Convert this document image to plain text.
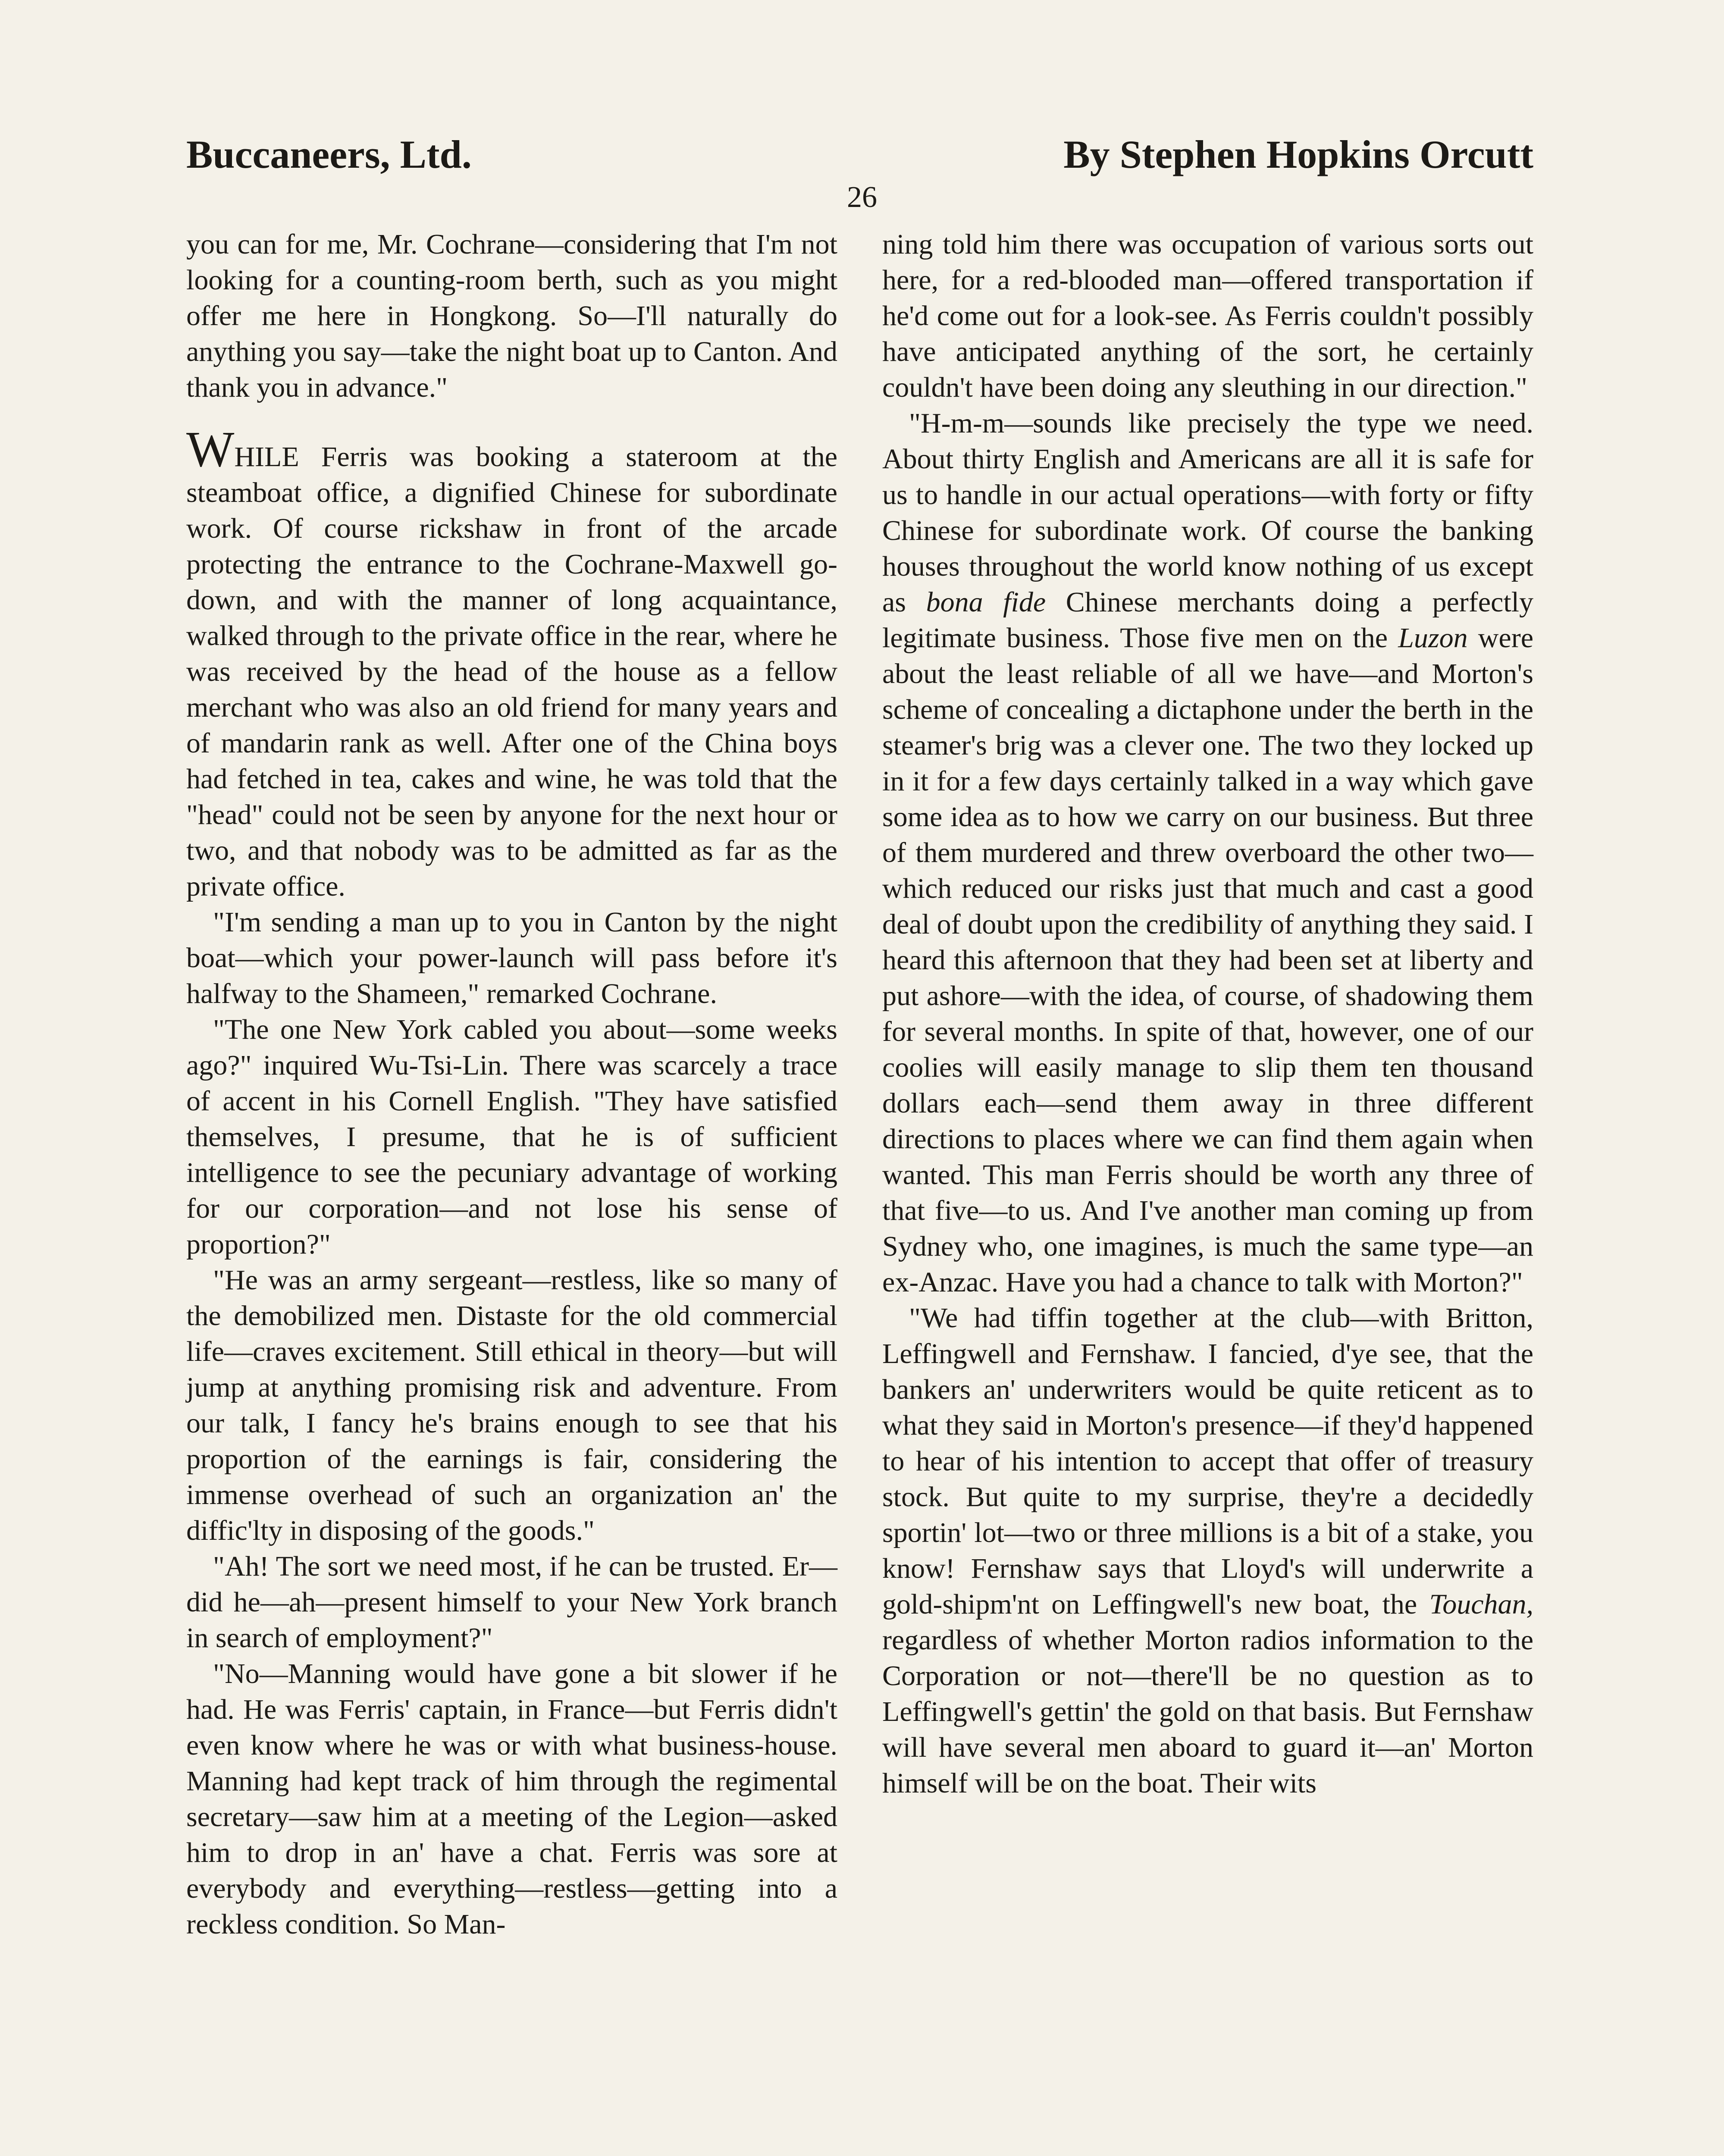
Buccaneers, Ltd.	By Stephen Hopkins Orcutt
26

you can for me, Mr. Cochrane—considering that I'm not looking for a counting-room berth, such as you might offer me here in Hongkong. So—I'll naturally do anything you say—take the night boat up to Canton. And thank you in advance."

WHILE Ferris was booking a stateroom at the steamboat office, a dignified Chinese for subordinate work. Of course rickshaw in front of the arcade protecting the entrance to the Cochrane-Maxwell go-down, and with the manner of long acquaintance, walked through to the private office in the rear, where he was received by the head of the house as a fellow merchant who was also an old friend for many years and of mandarin rank as well. After one of the China boys had fetched in tea, cakes and wine, he was told that the "head" could not be seen by anyone for the next hour or two, and that nobody was to be admitted as far as the private office.

"I'm sending a man up to you in Canton by the night boat—which your power-launch will pass before it's halfway to the Shameen," remarked Cochrane.

"The one New York cabled you about—some weeks ago?" inquired Wu-Tsi-Lin. There was scarcely a trace of accent in his Cornell English. "They have satisfied themselves, I presume, that he is of sufficient intelligence to see the pecuniary advantage of working for our corporation—and not lose his sense of proportion?"

"He was an army sergeant—restless, like so many of the demobilized men. Distaste for the old commercial life—craves excitement. Still ethical in theory—but will jump at anything promising risk and adventure. From our talk, I fancy he's brains enough to see that his proportion of the earnings is fair, considering the immense overhead of such an organization an' the diffic'lty in disposing of the goods."

"Ah! The sort we need most, if he can be trusted. Er—did he—ah—present himself to your New York branch in search of employment?"

"No—Manning would have gone a bit slower if he had. He was Ferris' captain, in France—but Ferris didn't even know where he was or with what business-house. Manning had kept track of him through the regimental secretary—saw him at a meeting of the Legion—asked him to drop in an' have a chat. Ferris was sore at everybody and everything—restless—getting into a reckless condition. So Man-

ning told him there was occupation of various sorts out here, for a red-blooded man—offered transportation if he'd come out for a look-see. As Ferris couldn't possibly have anticipated anything of the sort, he certainly couldn't have been doing any sleuthing in our direction."

"H-m-m—sounds like precisely the type we need. About thirty English and Americans are all it is safe for us to handle in our actual operations—with forty or fifty Chinese for subordinate work. Of course the banking houses throughout the world know nothing of us except as bona fide Chinese merchants doing a perfectly legitimate business. Those five men on the Luzon were about the least reliable of all we have—and Morton's scheme of concealing a dictaphone under the berth in the steamer's brig was a clever one. The two they locked up in it for a few days certainly talked in a way which gave some idea as to how we carry on our business. But three of them murdered and threw overboard the other two—which reduced our risks just that much and cast a good deal of doubt upon the credibility of anything they said. I heard this afternoon that they had been set at liberty and put ashore—with the idea, of course, of shadowing them for several months. In spite of that, however, one of our coolies will easily manage to slip them ten thousand dollars each—send them away in three different directions to places where we can find them again when wanted. This man Ferris should be worth any three of that five—to us. And I've another man coming up from Sydney who, one imagines, is much the same type—an ex-Anzac. Have you had a chance to talk with Morton?"

"We had tiffin together at the club—with Britton, Leffingwell and Fernshaw. I fancied, d'ye see, that the bankers an' underwriters would be quite reticent as to what they said in Morton's presence—if they'd happened to hear of his intention to accept that offer of treasury stock. But quite to my surprise, they're a decidedly sportin' lot—two or three millions is a bit of a stake, you know! Fernshaw says that Lloyd's will underwrite a gold-shipm'nt on Leffingwell's new boat, the Touchan, regardless of whether Morton radios information to the Corporation or not—there'll be no question as to Leffingwell's gettin' the gold on that basis. But Fernshaw will have several men aboard to guard it—an' Morton himself will be on the boat. Their wits
